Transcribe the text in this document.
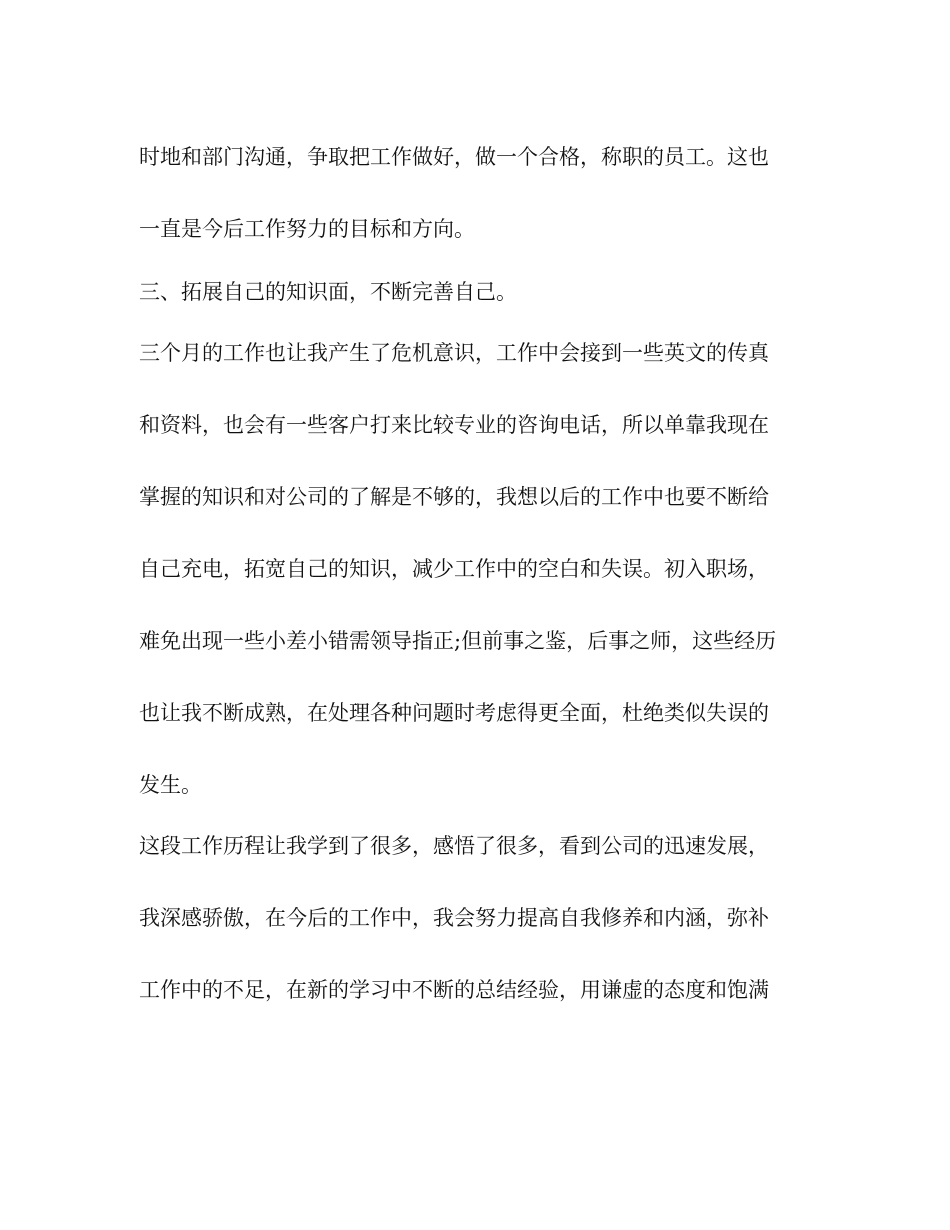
时地和部门沟通，争取把工作做好，做一个合格，称职的员工。这也
一直是今后工作努力的目标和方向。
三、拓展自己的知识面，不断完善自己。
三个月的工作也让我产生了危机意识，工作中会接到一些英文的传真
和资料，也会有一些客户打来比较专业的咨询电话，所以单靠我现在
掌握的知识和对公司的了解是不够的，我想以后的工作中也要不断给
自己充电，拓宽自己的知识，减少工作中的空白和失误。初入职场，
难免出现一些小差小错需领导指正;但前事之鉴，后事之师，这些经历
也让我不断成熟，在处理各种问题时考虑得更全面，杜绝类似失误的
发生。
这段工作历程让我学到了很多，感悟了很多，看到公司的迅速发展，
我深感骄傲，在今后的工作中，我会努力提高自我修养和内涵，弥补
工作中的不足，在新的学习中不断的总结经验，用谦虚的态度和饱满
